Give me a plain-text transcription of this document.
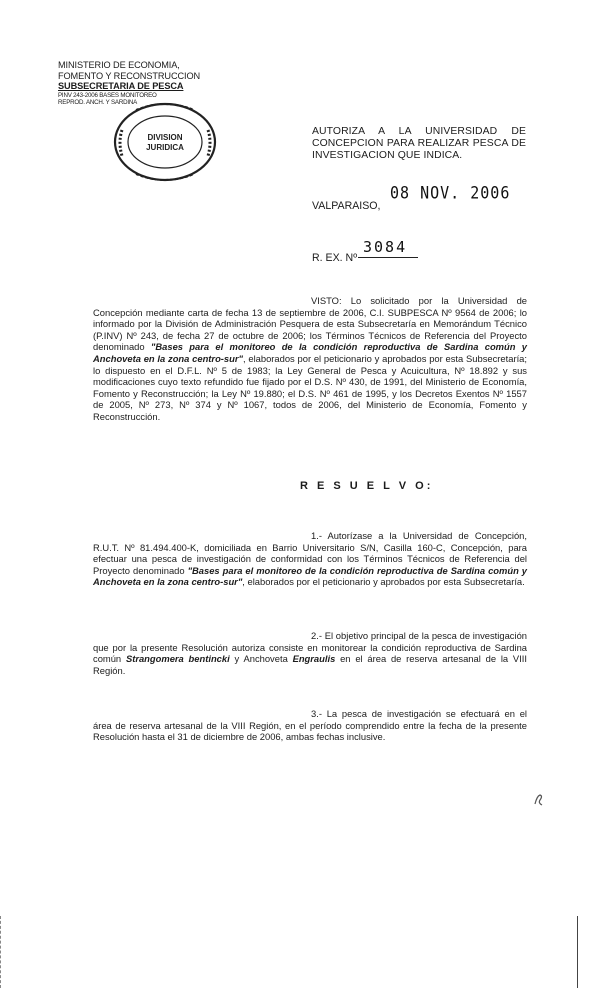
MINISTERIO DE ECONOMIA,
FOMENTO Y RECONSTRUCCION
SUBSECRETARIA DE PESCA
PINV 243-2006 BASES MONITOREO
REPROD. ANCH. Y SARDINA
DIVISION
JURIDICA
AUTORIZA A LA UNIVERSIDAD DE CONCEPCION PARA REALIZAR PESCA DE INVESTIGACION QUE INDICA.
VALPARAISO,
08 NOV. 2006
R. EX. Nº
3084
VISTO: Lo solicitado por la Universidad de Concepción mediante carta de fecha 13 de septiembre de 2006, C.I. SUBPESCA Nº 9564 de 2006; lo informado por la División de Administración Pesquera de esta Subsecretaría en Memorándum Técnico (P.INV) Nº 243, de fecha 27 de octubre de 2006; los Términos Técnicos de Referencia del Proyecto denominado "Bases para el monitoreo de la condición reproductiva de Sardina común y Anchoveta en la zona centro-sur", elaborados por el peticionario y aprobados por esta Subsecretaría; lo dispuesto en el D.F.L. Nº 5 de 1983; la Ley General de Pesca y Acuicultura, Nº 18.892 y sus modificaciones cuyo texto refundido fue fijado por el D.S. Nº 430, de 1991, del Ministerio de Economía, Fomento y Reconstrucción; la Ley Nº 19.880; el D.S. Nº 461 de 1995, y los Decretos Exentos Nº 1557 de 2005, Nº 273, Nº 374 y Nº 1067, todos de 2006, del Ministerio de Economía, Fomento y Reconstrucción.
R E S U E L V O:
1.- Autorízase a la Universidad de Concepción, R.U.T. Nº 81.494.400-K, domiciliada en Barrio Universitario S/N, Casilla 160-C, Concepción, para efectuar una pesca de investigación de conformidad con los Términos Técnicos de Referencia del Proyecto denominado "Bases para el monitoreo de la condición reproductiva de Sardina común y Anchoveta en la zona centro-sur", elaborados por el peticionario y aprobados por esta Subsecretaría.
2.- El objetivo principal de la pesca de investigación que por la presente Resolución autoriza consiste en monitorear la condición reproductiva de Sardina común Strangomera bentincki y Anchoveta Engraulis en el área de reserva artesanal de la VIII Región.
3.- La pesca de investigación se efectuará en el área de reserva artesanal de la VIII Región, en el período comprendido entre la fecha de la presente Resolución hasta el 31 de diciembre de 2006, ambas fechas inclusive.
